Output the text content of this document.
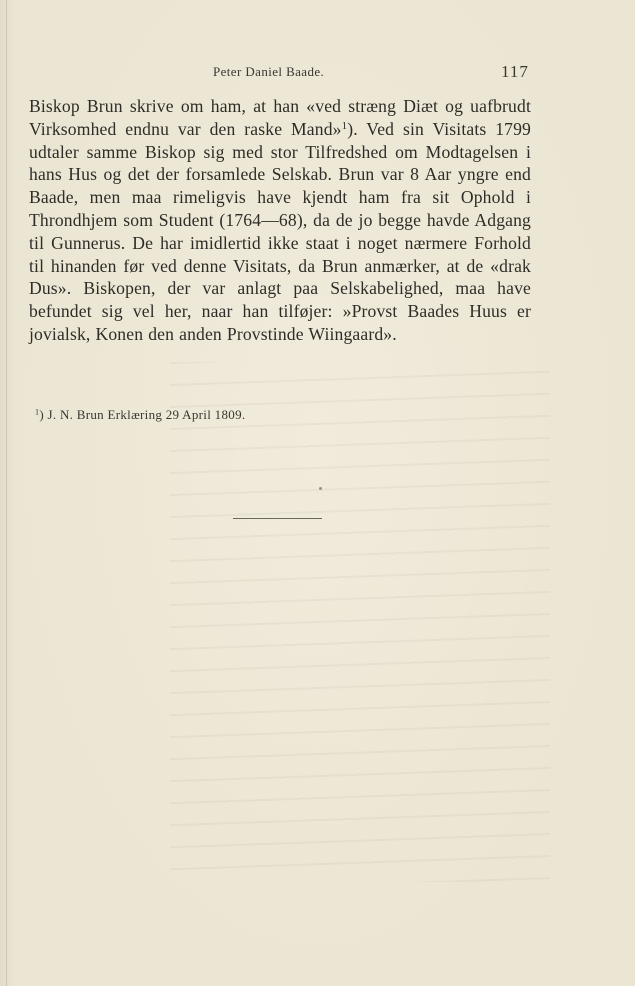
Peter Daniel Baade.	117

Biskop Brun skrive om ham, at han «ved stræng Diæt og uafbrudt Virksomhed endnu var den raske Mand»$^1$). Ved sin Visitats 1799 udtaler samme Biskop sig med stor Tilfredshed om Modtagelsen i hans Hus og det der forsamlede Selskab. Brun var 8 Aar yngre end Baade, men maa rimeligvis have kjendt ham fra sit Ophold i Throndhjem som Student (1764—68), da de jo begge havde Adgang til Gunnerus. De har imidlertid ikke staat i noget nærmere Forhold til hinanden før ved denne Visitats, da Brun anmærker, at de «drak Dus». Biskopen, der var anlagt paa Selskabelighed, maa have befundet sig vel her, naar han tilføjer: »Provst Baades Huus er jovialsk, Konen den anden Provstinde Wiingaard».

$^1$) J. N. Brun Erklæring 29 April 1809.
